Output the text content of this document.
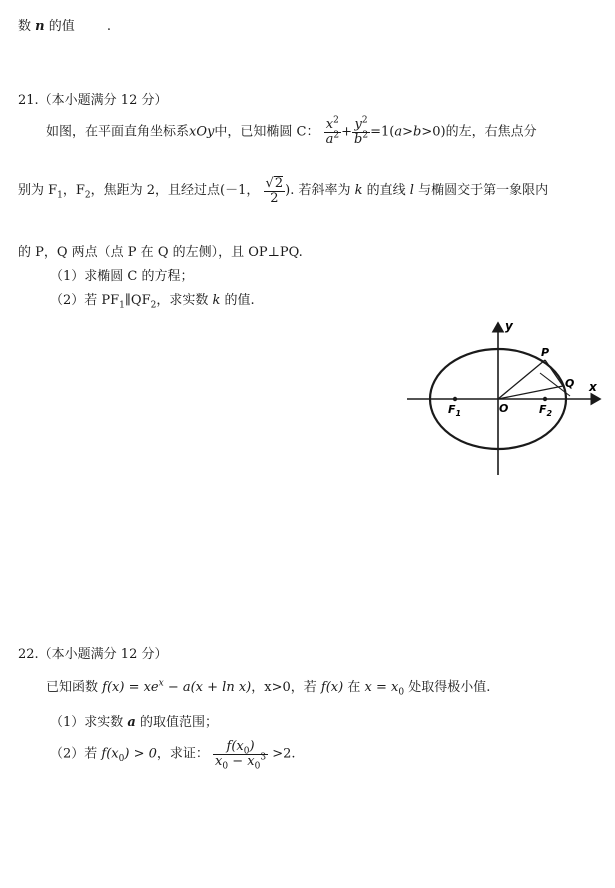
数 n 的值 .
21.（本小题满分 12 分）
如图，在平面直角坐标系xOy中，已知椭圆 C： $\frac{x^2}{a^2} + \frac{y^2}{b^2} =1(a>b>0)$的左，右焦点分
别为 $F_1$，$F_2$，焦距为 2，且经过点(－1， $\frac{√2}{2}$ ). 若斜率为 k 的直线 l 与椭圆交于第一象限内
的 P，Q 两点（点 P 在 Q 的左侧），且 OP⊥PQ.
（1）求椭圆 C 的方程；
（2）若 $PF_1\parallel QF_2$，求实数 k 的值.
y
x
P
Q
O
$F_1$	$F_2$
22.（本小题满分 12 分）
已知函数 $f(x) = xe^x - a(x + \ln x)$，x>0，若 f(x) 在 $x = x_0$ 处取得极小值.
（1）求实数 a 的取值范围；
（2）若 $f(x_0) > 0$，求证： $\frac{f(x_0)}{x_0 - x_0^3} >2$.
